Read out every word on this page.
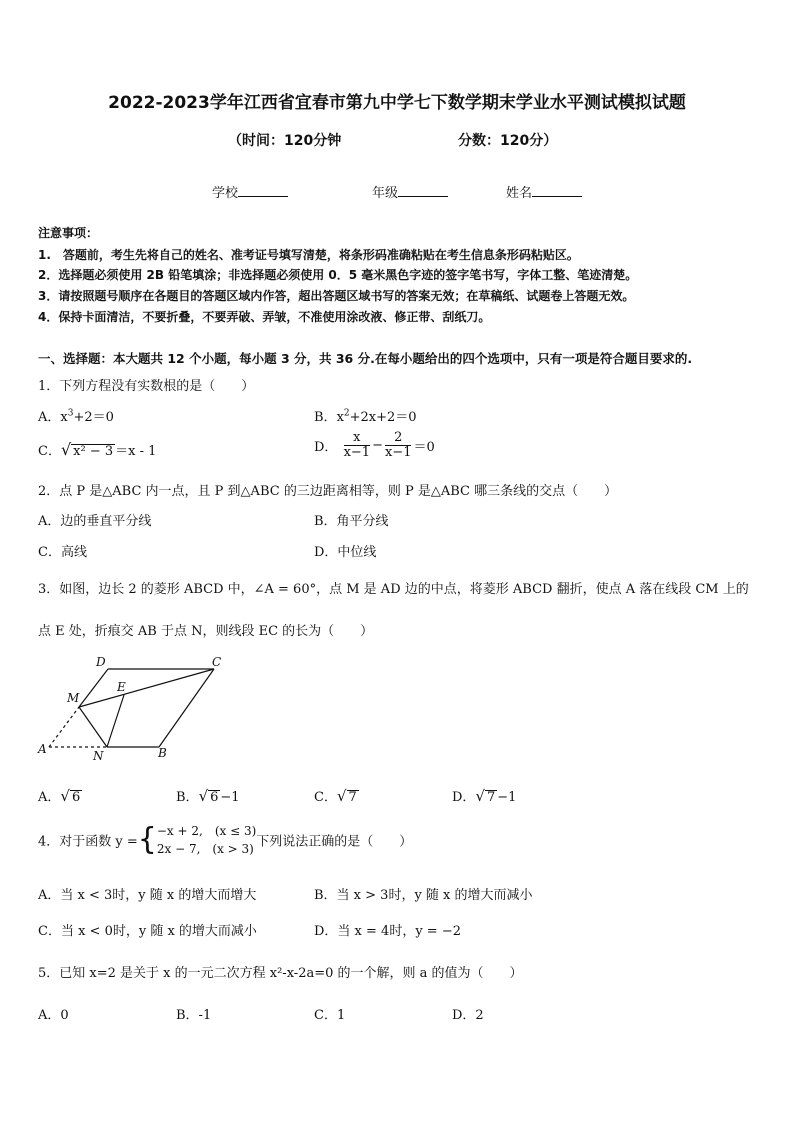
2022-2023学年江西省宜春市第九中学七下数学期末学业水平测试模拟试题
（时间：120分钟	分数：120分）
学校	年级	姓名
注意事项：
1.　答题前，考生先将自己的姓名、准考证号填写清楚，将条形码准确粘贴在考生信息条形码粘贴区。
2．选择题必须使用 2B 铅笔填涂；非选择题必须使用 0．5 毫米黑色字迹的签字笔书写，字体工整、笔迹清楚。
3．请按照题号顺序在各题目的答题区域内作答，超出答题区域书写的答案无效；在草稿纸、试题卷上答题无效。
4．保持卡面清洁，不要折叠，不要弄破、弄皱，不准使用涂改液、修正带、刮纸刀。
一、选择题：本大题共 12 个小题，每小题 3 分，共 36 分.在每小题给出的四个选项中，只有一项是符合题目要求的.
1．下列方程没有实数根的是（　　）
A．$x^3+2=0$	B．$x^2+2x+2=0$
C．√ x² − 3 ＝x - 1	D． $\frac{x}{x-1} - \frac{2}{x-1} =0$
2．点 P 是△ABC 内一点，且 P 到△ABC 的三边距离相等，则 P 是△ABC 哪三条线的交点（　　）
A．边的垂直平分线	B．角平分线
C．高线	D．中位线
3．如图，边长 2 的菱形 ABCD 中，∠A = 60°，点 M 是 AD 边的中点，将菱形 ABCD 翻折，使点 A 落在线段 CM 上的
点 E 处，折痕交 AB 于点 N，则线段 EC 的长为（　　）
D	C
M
E
A	N	B
A．√ 6	B．√ 6 −1	C．√ 7	D．√ 7 −1
4．对于函数 y ={ −x + 2,　(x ≤ 3)
2x − 7,　(x > 3) 下列说法正确的是（　　）
A．当 x < 3时，y 随 x 的增大而增大	B．当 x > 3时，y 随 x 的增大而减小
C．当 x < 0时，y 随 x 的增大而减小	D．当 x = 4时，y = −2
5．已知 x=2 是关于 x 的一元二次方程 x²-x-2a=0 的一个解，则 a 的值为（　　）
A．0	B．-1	C．1	D．2
